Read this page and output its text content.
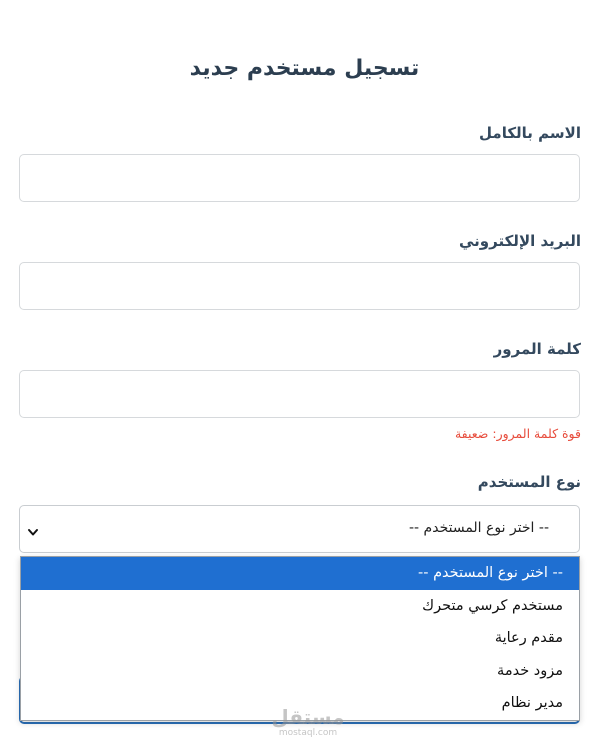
تسجيل مستخدم جديد
الاسم بالكامل
البريد الإلكتروني
كلمة المرور
قوة كلمة المرور: ضعيفة
نوع المستخدم
-- اختر نوع المستخدم --
-- اختر نوع المستخدم --
مستخدم كرسي متحرك
مقدم رعاية
مزود خدمة
مدير نظام
مستقل
mostaql.com
